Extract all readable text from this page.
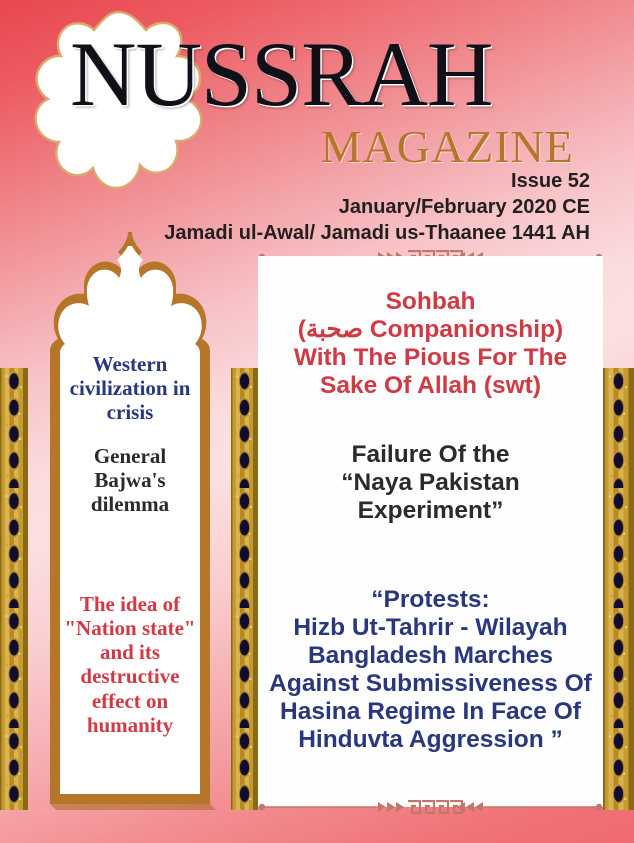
NUSSRAH
MAGAZINE
Issue 52
January/February 2020 CE
Jamadi ul-Awal/ Jamadi us-Thaanee 1441 AH
Sohbah
(صحبة Companionship)
With The Pious For The
Sake Of Allah (swt)
Failure Of the
“Naya Pakistan
Experiment”
“Protests:
Hizb Ut-Tahrir - Wilayah
Bangladesh Marches
Against Submissiveness Of
Hasina Regime In Face Of
Hinduvta Aggression ”
Western
civilization in
crisis
General
Bajwa's
dilemma
The idea of
"Nation state"
and its
destructive
effect on
humanity
